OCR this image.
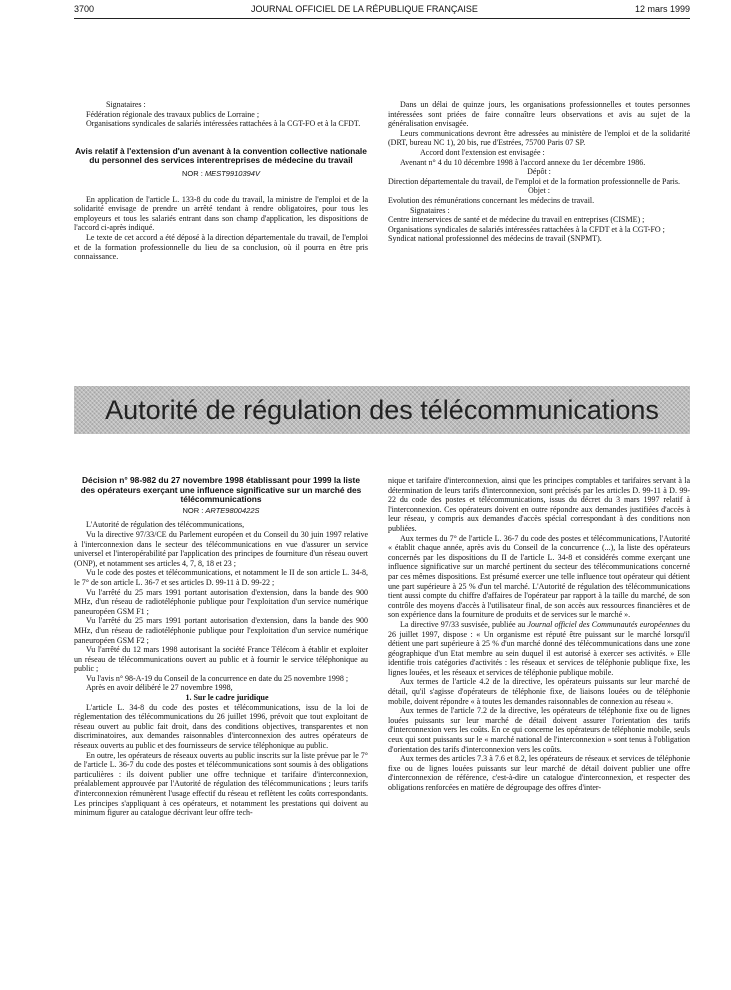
3700	JOURNAL OFFICIEL DE LA RÉPUBLIQUE FRANÇAISE	12 mars 1999

Signataires :

Fédération régionale des travaux publics de Lorraine ;

Organisations syndicales de salariés intéressées rattachées à la CGT-FO et à la CFDT.

Avis relatif à l'extension d'un avenant à la convention collective nationale du personnel des services interentreprises de médecine du travail
NOR : MEST9910394V

En application de l'article L. 133-8 du code du travail, la ministre de l'emploi et de la solidarité envisage de prendre un arrêté tendant à rendre obligatoires, pour tous les employeurs et tous les salariés entrant dans son champ d'application, les dispositions de l'accord ci-après indiqué.

Le texte de cet accord a été déposé à la direction départementale du travail, de l'emploi et de la formation professionnelle du lieu de sa conclusion, où il pourra en être pris connaissance.

Dans un délai de quinze jours, les organisations professionnelles et toutes personnes intéressées sont priées de faire connaître leurs observations et avis au sujet de la généralisation envisagée.

Leurs communications devront être adressées au ministère de l'emploi et de la solidarité (DRT, bureau NC 1), 20 bis, rue d'Estrées, 75700 Paris 07 SP.

Accord dont l'extension est envisagée :

Avenant n° 4 du 10 décembre 1998 à l'accord annexe du 1er décembre 1986.

Dépôt :

Direction départementale du travail, de l'emploi et de la formation professionnelle de Paris.

Objet :

Evolution des rémunérations concernant les médecins de travail.

Signataires :

Centre interservices de santé et de médecine du travail en entreprises (CISME) ;

Organisations syndicales de salariés intéressées rattachées à la CFDT et à la CGT-FO ;

Syndicat national professionnel des médecins de travail (SNPMT).

Autorité de régulation des télécommunications
Décision n° 98-982 du 27 novembre 1998 établissant pour 1999 la liste des opérateurs exerçant une influence significative sur un marché des télécommunications
NOR : ARTE9800422S

L'Autorité de régulation des télécommunications,

Vu la directive 97/33/CE du Parlement européen et du Conseil du 30 juin 1997 relative à l'interconnexion dans le secteur des télécommunications en vue d'assurer un service universel et l'interopérabilité par l'application des principes de fourniture d'un réseau ouvert (ONP), et notamment ses articles 4, 7, 8, 18 et 23 ;

Vu le code des postes et télécommunications, et notamment le II de son article L. 34-8, le 7° de son article L. 36-7 et ses articles D. 99-11 à D. 99-22 ;

Vu l'arrêté du 25 mars 1991 portant autorisation d'extension, dans la bande des 900 MHz, d'un réseau de radiotéléphonie publique pour l'exploitation d'un service numérique paneuropéen GSM F1 ;

Vu l'arrêté du 25 mars 1991 portant autorisation d'extension, dans la bande des 900 MHz, d'un réseau de radiotéléphonie publique pour l'exploitation d'un service numérique paneuropéen GSM F2 ;

Vu l'arrêté du 12 mars 1998 autorisant la société France Télécom à établir et exploiter un réseau de télécommunications ouvert au public et à fournir le service téléphonique au public ;

Vu l'avis n° 98-A-19 du Conseil de la concurrence en date du 25 novembre 1998 ;

Après en avoir délibéré le 27 novembre 1998,

1. Sur le cadre juridique

L'article L. 34-8 du code des postes et télécommunications, issu de la loi de réglementation des télécommunications du 26 juillet 1996, prévoit que tout exploitant de réseau ouvert au public fait droit, dans des conditions objectives, transparentes et non discriminatoires, aux demandes raisonnables d'interconnexion des autres opérateurs de réseaux ouverts au public et des fournisseurs de service téléphonique au public.

En outre, les opérateurs de réseaux ouverts au public inscrits sur la liste prévue par le 7° de l'article L. 36-7 du code des postes et télécommunications sont soumis à des obligations particulières : ils doivent publier une offre technique et tarifaire d'interconnexion, préalablement approuvée par l'Autorité de régulation des télécommunications ; leurs tarifs d'interconnexion rémunèrent l'usage effectif du réseau et reflètent les coûts correspondants. Les principes s'appliquant à ces opérateurs, et notamment les prestations qui doivent au minimum figurer au catalogue décrivant leur offre tech-

nique et tarifaire d'interconnexion, ainsi que les principes comptables et tarifaires servant à la détermination de leurs tarifs d'interconnexion, sont précisés par les articles D. 99-11 à D. 99-22 du code des postes et télécommunications, issus du décret du 3 mars 1997 relatif à l'interconnexion. Ces opérateurs doivent en outre répondre aux demandes justifiées d'accès à leur réseau, y compris aux demandes d'accès spécial correspondant à des conditions non publiées.

Aux termes du 7° de l'article L. 36-7 du code des postes et télécommunications, l'Autorité « établit chaque année, après avis du Conseil de la concurrence (...), la liste des opérateurs concernés par les dispositions du II de l'article L. 34-8 et considérés comme exerçant une influence significative sur un marché pertinent du secteur des télécommunications concerné par ces mêmes dispositions. Est présumé exercer une telle influence tout opérateur qui détient une part supérieure à 25 % d'un tel marché. L'Autorité de régulation des télécommunications tient aussi compte du chiffre d'affaires de l'opérateur par rapport à la taille du marché, de son contrôle des moyens d'accès à l'utilisateur final, de son accès aux ressources financières et de son expérience dans la fourniture de produits et de services sur le marché ».

La directive 97/33 susvisée, publiée au Journal officiel des Communautés européennes du 26 juillet 1997, dispose : « Un organisme est réputé être puissant sur le marché lorsqu'il détient une part supérieure à 25 % d'un marché donné des télécommunications dans une zone géographique d'un Etat membre au sein duquel il est autorisé à exercer ses activités. » Elle identifie trois catégories d'activités : les réseaux et services de téléphonie publique fixe, les lignes louées, et les réseaux et services de téléphonie publique mobile.

Aux termes de l'article 4.2 de la directive, les opérateurs puissants sur leur marché de détail, qu'il s'agisse d'opérateurs de téléphonie fixe, de liaisons louées ou de téléphonie mobile, doivent répondre « à toutes les demandes raisonnables de connexion au réseau ».

Aux termes de l'article 7.2 de la directive, les opérateurs de téléphonie fixe ou de lignes louées puissants sur leur marché de détail doivent assurer l'orientation des tarifs d'interconnexion vers les coûts. En ce qui concerne les opérateurs de téléphonie mobile, seuls ceux qui sont puissants sur le « marché national de l'interconnexion » sont tenus à l'obligation d'orientation des tarifs d'interconnexion vers les coûts.

Aux termes des articles 7.3 à 7.6 et 8.2, les opérateurs de réseaux et services de téléphonie fixe ou de lignes louées puissants sur leur marché de détail doivent publier une offre d'interconnexion de référence, c'est-à-dire un catalogue d'interconnexion, et respecter des obligations renforcées en matière de dégroupage des offres d'inter-
